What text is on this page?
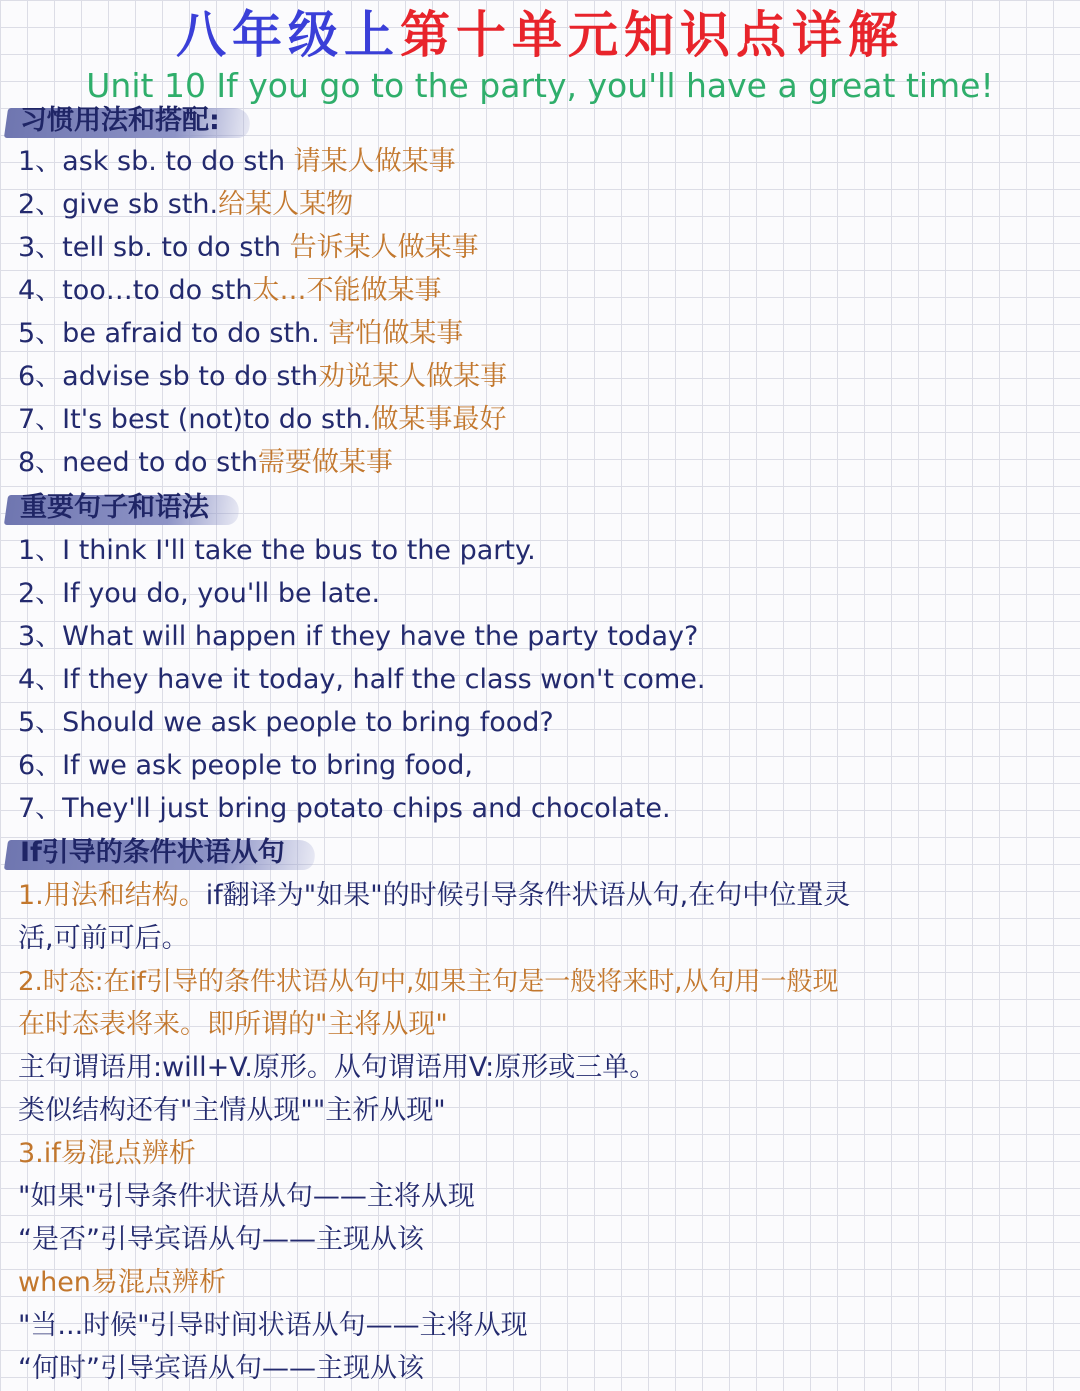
八年级上第十单元知识点详解
Unit 10 If you go to the party, you'll have a great time!
习惯用法和搭配:
1、ask sb. to do sth 请某人做某事
2、give sb sth.给某人某物
3、tell sb. to do sth 告诉某人做某事
4、too…to do sth太…不能做某事
5、be afraid to do sth. 害怕做某事
6、advise sb to do sth劝说某人做某事
7、It's best (not)to do sth.做某事最好
8、need to do sth需要做某事
重要句子和语法
1、I think I'll take the bus to the party.
2、If you do, you'll be late.
3、What will happen if they have the party today?
4、If they have it today, half the class won't come.
5、Should we ask people to bring food?
6、If we ask people to bring food,
7、They'll just bring potato chips and chocolate.
If引导的条件状语从句
1.用法和结构。if翻译为"如果"的时候引导条件状语从句,在句中位置灵
活,可前可后。
2.时态:在if引导的条件状语从句中,如果主句是一般将来时,从句用一般现
在时态表将来。即所谓的"主将从现"
主句谓语用:will+V.原形。从句谓语用V:原形或三单。
类似结构还有"主情从现""主祈从现"
3.if易混点辨析
"如果"引导条件状语从句——主将从现
“是否”引导宾语从句——主现从该
when易混点辨析
"当...时候"引导时间状语从句——主将从现
“何时”引导宾语从句——主现从该
